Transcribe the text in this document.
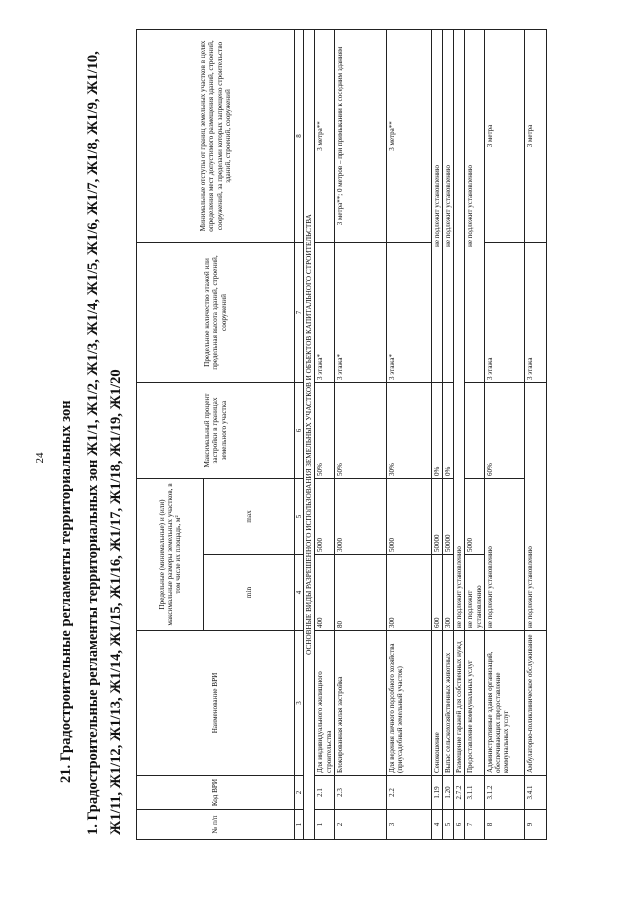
24 21. Градостроительные регламенты территориальных зон 1. Градостроительные регламенты территориальных зон Ж1/1, Ж1/2, Ж1/3, Ж1/4, Ж1/5, Ж1/6, Ж1/7, Ж1/8, Ж1/9, Ж1/10, Ж1/11, Ж1/12, Ж1/13, Ж1/14, Ж1/15, Ж1/16, Ж1/17, Ж1/18, Ж1/19, Ж1/20	№ п/п	Код ВРИ	Наименование ВРИ	Предельные (минимальные) и (или) максимальные размеры земельных участков, в том числе их площадь, м²		Максимальный процент застройки в границах земельного участка	Предельное количество этажей или предельная высота зданий, строений, сооружений	Минимальные отступы от границ земельных участков в целях определения мест допустимого размещения зданий, строений, сооружений, за пределами которых запрещено строительство зданий, строений, сооружений
			min	max			
1	2	3	4	5	6	7	8
ОСНОВНЫЕ ВИДЫ РАЗРЕШЕННОГО ИСПОЛЬЗОВАНИЯ ЗЕМЕЛЬНЫХ УЧАСТКОВ И ОБЪЕКТОВ КАПИТАЛЬНОГО СТРОИТЕЛЬСТВА							
1	2.1	Для индивидуального жилищного строительства	400	5000	50%	3 этажа*	3 метра**
2	2.3	Блокированная жилая застройка	80	3000	50%	3 этажа*	3 метра**; 0 метров – при примыкании к соседним зданиям
3	2.2	Для ведения личного подсобного хозяйства (приусадебный земельный участок)	300	5000	30%	3 этажа*	3 метра**
4	1.19	Сенокошение	600	50000	0%	не подлежит установлению	
5	1.20	Выпас сельскохозяйственных животных	300	50000	0%	не подлежит установлению	
6	2.7.2	Размещение гаражей для собственных нужд	не подлежит установлению				
7	3.1.1	Предоставление коммунальных услуг	не подлежит установлению	5000		не подлежит установлению	
8	3.1.2	Административные здания организаций, обеспечивающих предоставление коммунальных услуг	не подлежит установлению		60%	3 этажа	3 метра
9	3.4.1	Амбулаторно-поликлиническое обслуживание	не подлежит установлению			3 этажа	3 метра
